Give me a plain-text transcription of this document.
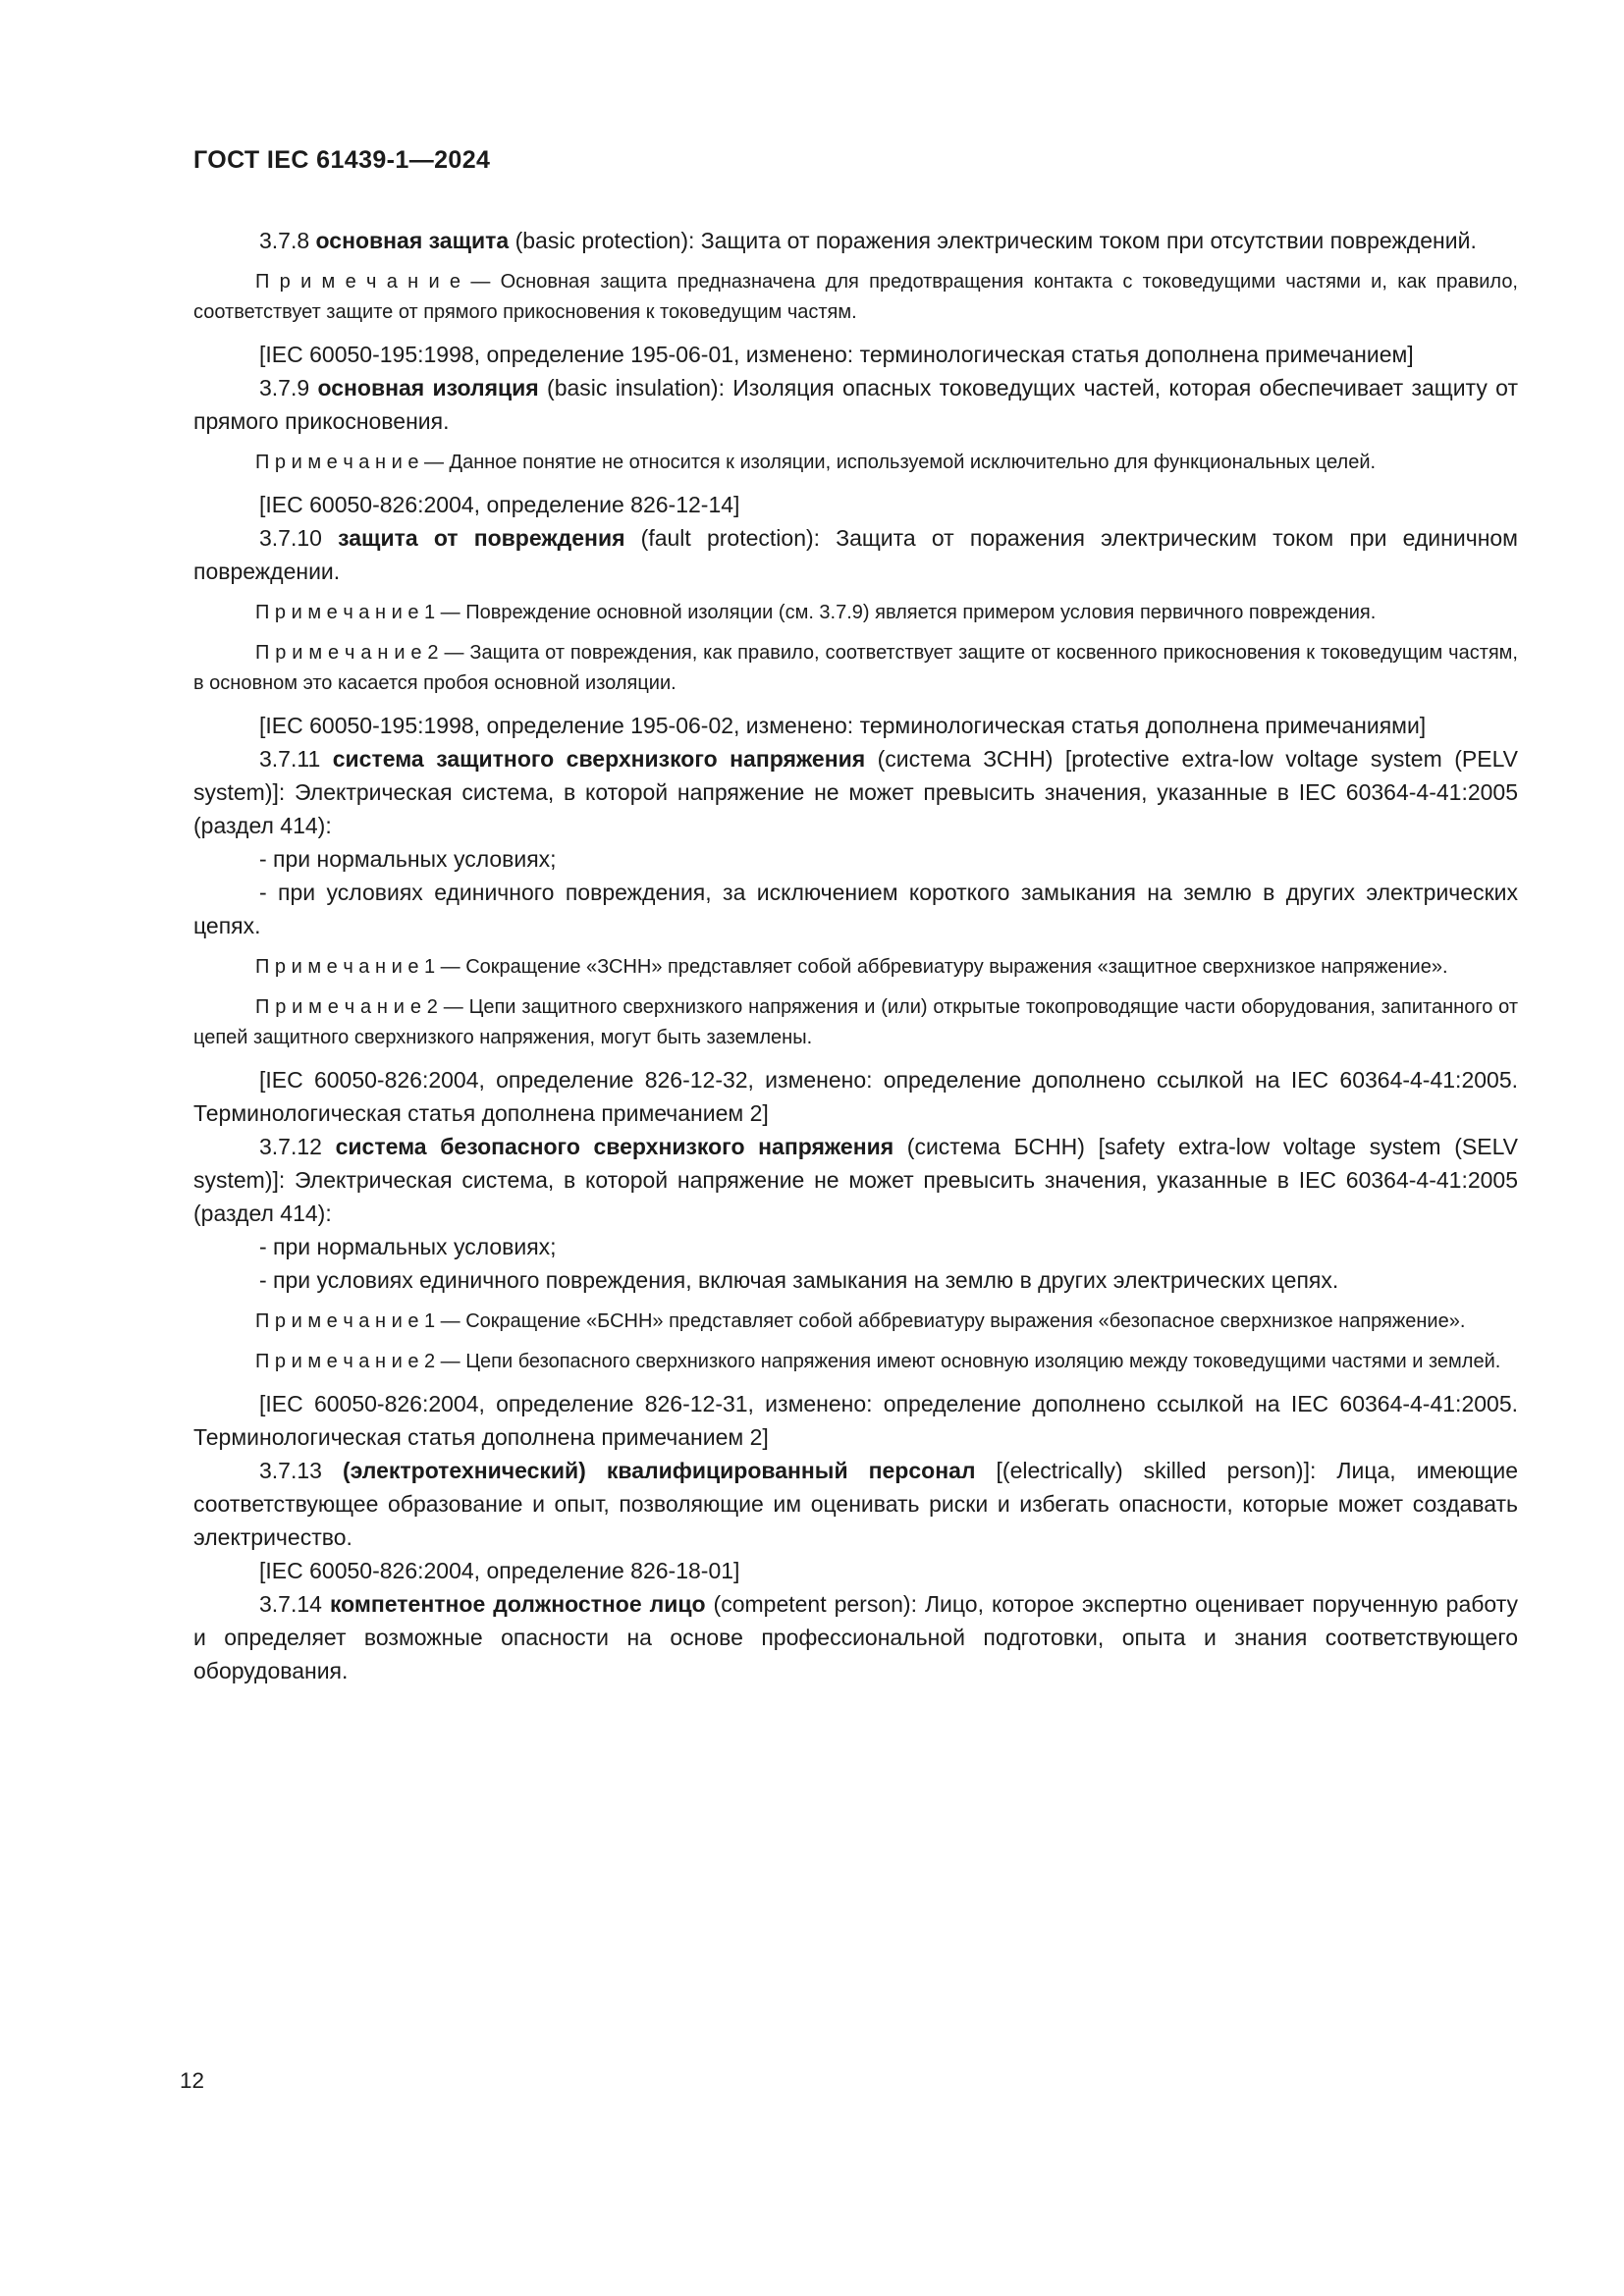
ГОСТ IEC 61439-1—2024

3.7.8 основная защита (basic protection): Защита от поражения электрическим током при отсутствии повреждений.

П р и м е ч а н и е — Основная защита предназначена для предотвращения контакта с токоведущими частями и, как правило, соответствует защите от прямого прикосновения к токоведущим частям.

[IEC 60050-195:1998, определение 195-06-01, изменено: терминологическая статья дополнена примечанием]

3.7.9 основная изоляция (basic insulation): Изоляция опасных токоведущих частей, которая обеспечивает защиту от прямого прикосновения.

П р и м е ч а н и е — Данное понятие не относится к изоляции, используемой исключительно для функциональных целей.

[IEC 60050-826:2004, определение 826-12-14]

3.7.10 защита от повреждения (fault protection): Защита от поражения электрическим током при единичном повреждении.

П р и м е ч а н и е 1 — Повреждение основной изоляции (см. 3.7.9) является примером условия первичного повреждения.

П р и м е ч а н и е 2 — Защита от повреждения, как правило, соответствует защите от косвенного прикосновения к токоведущим частям, в основном это касается пробоя основной изоляции.

[IEC 60050-195:1998, определение 195-06-02, изменено: терминологическая статья дополнена примечаниями]

3.7.11 система защитного сверхнизкого напряжения (система ЗСНН) [protective extra-low voltage system (PELV system)]: Электрическая система, в которой напряжение не может превысить значения, указанные в IEC 60364-4-41:2005 (раздел 414):

- при нормальных условиях;

- при условиях единичного повреждения, за исключением короткого замыкания на землю в других электрических цепях.

П р и м е ч а н и е 1 — Сокращение «ЗСНН» представляет собой аббревиатуру выражения «защитное сверхнизкое напряжение».

П р и м е ч а н и е 2 — Цепи защитного сверхнизкого напряжения и (или) открытые токопроводящие части оборудования, запитанного от цепей защитного сверхнизкого напряжения, могут быть заземлены.

[IEC 60050-826:2004, определение 826-12-32, изменено: определение дополнено ссылкой на IEC 60364-4-41:2005. Терминологическая статья дополнена примечанием 2]

3.7.12 система безопасного сверхнизкого напряжения (система БСНН) [safety extra-low voltage system (SELV system)]: Электрическая система, в которой напряжение не может превысить значения, указанные в IEC 60364-4-41:2005 (раздел 414):

- при нормальных условиях;

- при условиях единичного повреждения, включая замыкания на землю в других электрических цепях.

П р и м е ч а н и е 1 — Сокращение «БСНН» представляет собой аббревиатуру выражения «безопасное сверхнизкое напряжение».

П р и м е ч а н и е 2 — Цепи безопасного сверхнизкого напряжения имеют основную изоляцию между токоведущими частями и землей.

[IEC 60050-826:2004, определение 826-12-31, изменено: определение дополнено ссылкой на IEC 60364-4-41:2005. Терминологическая статья дополнена примечанием 2]

3.7.13 (электротехнический) квалифицированный персонал [(electrically) skilled person)]: Лица, имеющие соответствующее образование и опыт, позволяющие им оценивать риски и избегать опасности, которые может создавать электричество.

[IEC 60050-826:2004, определение 826-18-01]

3.7.14 компетентное должностное лицо (competent person): Лицо, которое экспертно оценивает порученную работу и определяет возможные опасности на основе профессиональной подготовки, опыта и знания соответствующего оборудования.

12
